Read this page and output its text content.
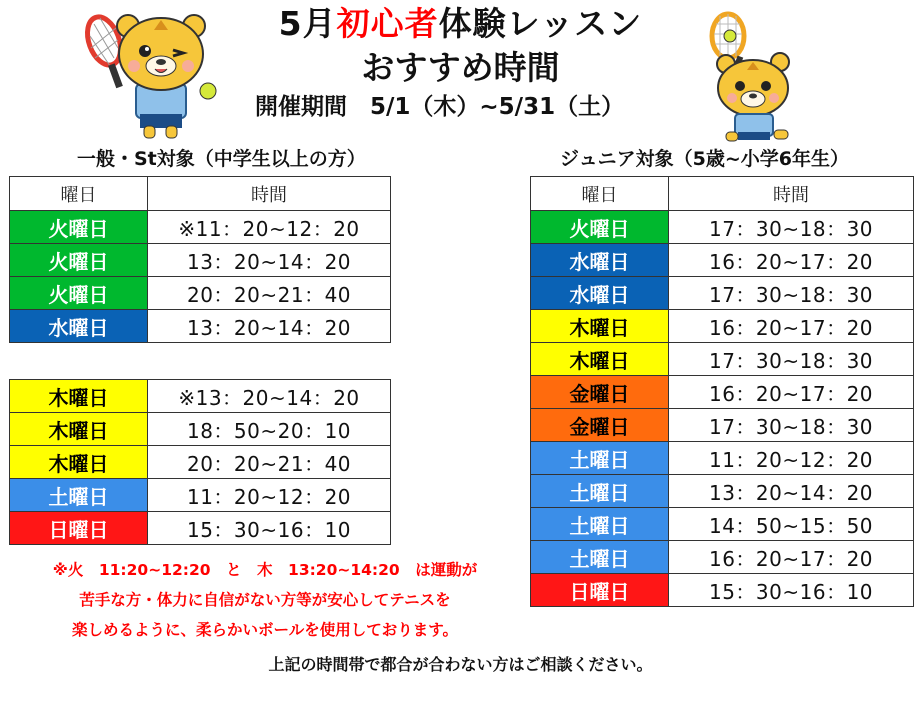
5月初心者体験レッスン
おすすめ時間
開催期間　5/1（木）~5/31（土）
一般・St対象（中学生以上の方）	ジュニア対象（5歳~小学6年生）
曜日	時間
火曜日	※11：20~12：20
火曜日	13：20~14：20
火曜日	20：20~21：40
水曜日	13：20~14：20
木曜日	※13：20~14：20
木曜日	18：50~20：10
木曜日	20：20~21：40
土曜日	11：20~12：20
日曜日	15：30~16：10
曜日	時間
火曜日	17：30~18：30
水曜日	16：20~17：20
水曜日	17：30~18：30
木曜日	16：20~17：20
木曜日	17：30~18：30
金曜日	16：20~17：20
金曜日	17：30~18：30
土曜日	11：20~12：20
土曜日	13：20~14：20
土曜日	14：50~15：50
土曜日	16：20~17：20
日曜日	15：30~16：10
※火　11:20~12:20　と　木　13:20~14:20　は運動が
苦手な方・体力に自信がない方等が安心してテニスを
楽しめるように、柔らかいボールを使用しております。
上記の時間帯で都合が合わない方はご相談ください。
